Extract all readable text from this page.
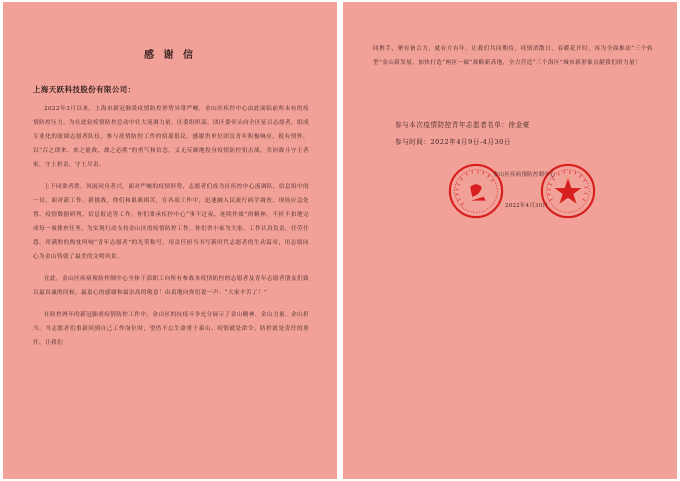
感 谢 信
上海天跃科技股份有限公司：

2022年3月以来，上海市新冠肺炎疫情防控形势异常严峻，金山区疾控中心由此面临前所未有的疫情防控压力。为在此轮疫情防控总动中壮大流调力量，区委组织部、团区委牵头向全区征召志愿者，组成专业化的流调志愿者队伍，参与疫情防控工作的招募倡议。感谢贵单位团员青年积极响应，报有情怀，以“召之即来、来之能战、战之必胜”的勇气和信念，义无反顾地投身疫情防控狙击战，共同战斗守主者家，守土担责，守土尽责。

上下同欲者胜，风雨同舟者兴。面对严峻的疫情形势，志愿者们成为区疾控中心流调队、信息组中的一员，面对新工作、新挑战，你们和艰难困苦，在各项工作中，迅速融入民流行病学调查、现场应急处置、疫情数据研判、信息报送等工作，你们秉承疾控中心“事不过夜、连续作战”的精神，不折不扣地完成每一项排查任务，为实现行动支持金山区的疫情防控工作，你们舍小家为大家、工作认真负责，任劳任怨，用满腔的热忱叫响“青年志愿者”的光荣称号，用责任担当书写新时代志愿者的生动篇章，用志愿同心为金山铸就了最美的文明风景。

在此，金山区疾病预防控制中心全体干部职工向所有参战本疫情防控的志愿者及青年志愿者朋友们致以最真诚的问候，最衷心的感谢和最崇高的敬意！由衷地向你们说一声：“大家辛苦了！”

在防控两年的新冠肺炎疫情防控工作中，金山区的抗疫斗争充分展示了金山精神、金山力量、金山担当。当志愿者们重新回到自己工作岗位时，望仍不忘生命重于泰山、疫情就是命令、防控就是责任的重任，让我们

同携手，聚有备合力，就有方有年，让我们共同期待，疫情消散日，春暖花开时，再为全面推动“三个转型”金山新发展，加快打造“两区一廊”战略新高地，全力营造“三个海区”城市新形象贡献我们的力量！

参与本次疫情防控青年志愿者名单：徐金豪
参与时间：2022年4月9日-4月30日
金山区疾病预防控制中心
2022年4月30日
